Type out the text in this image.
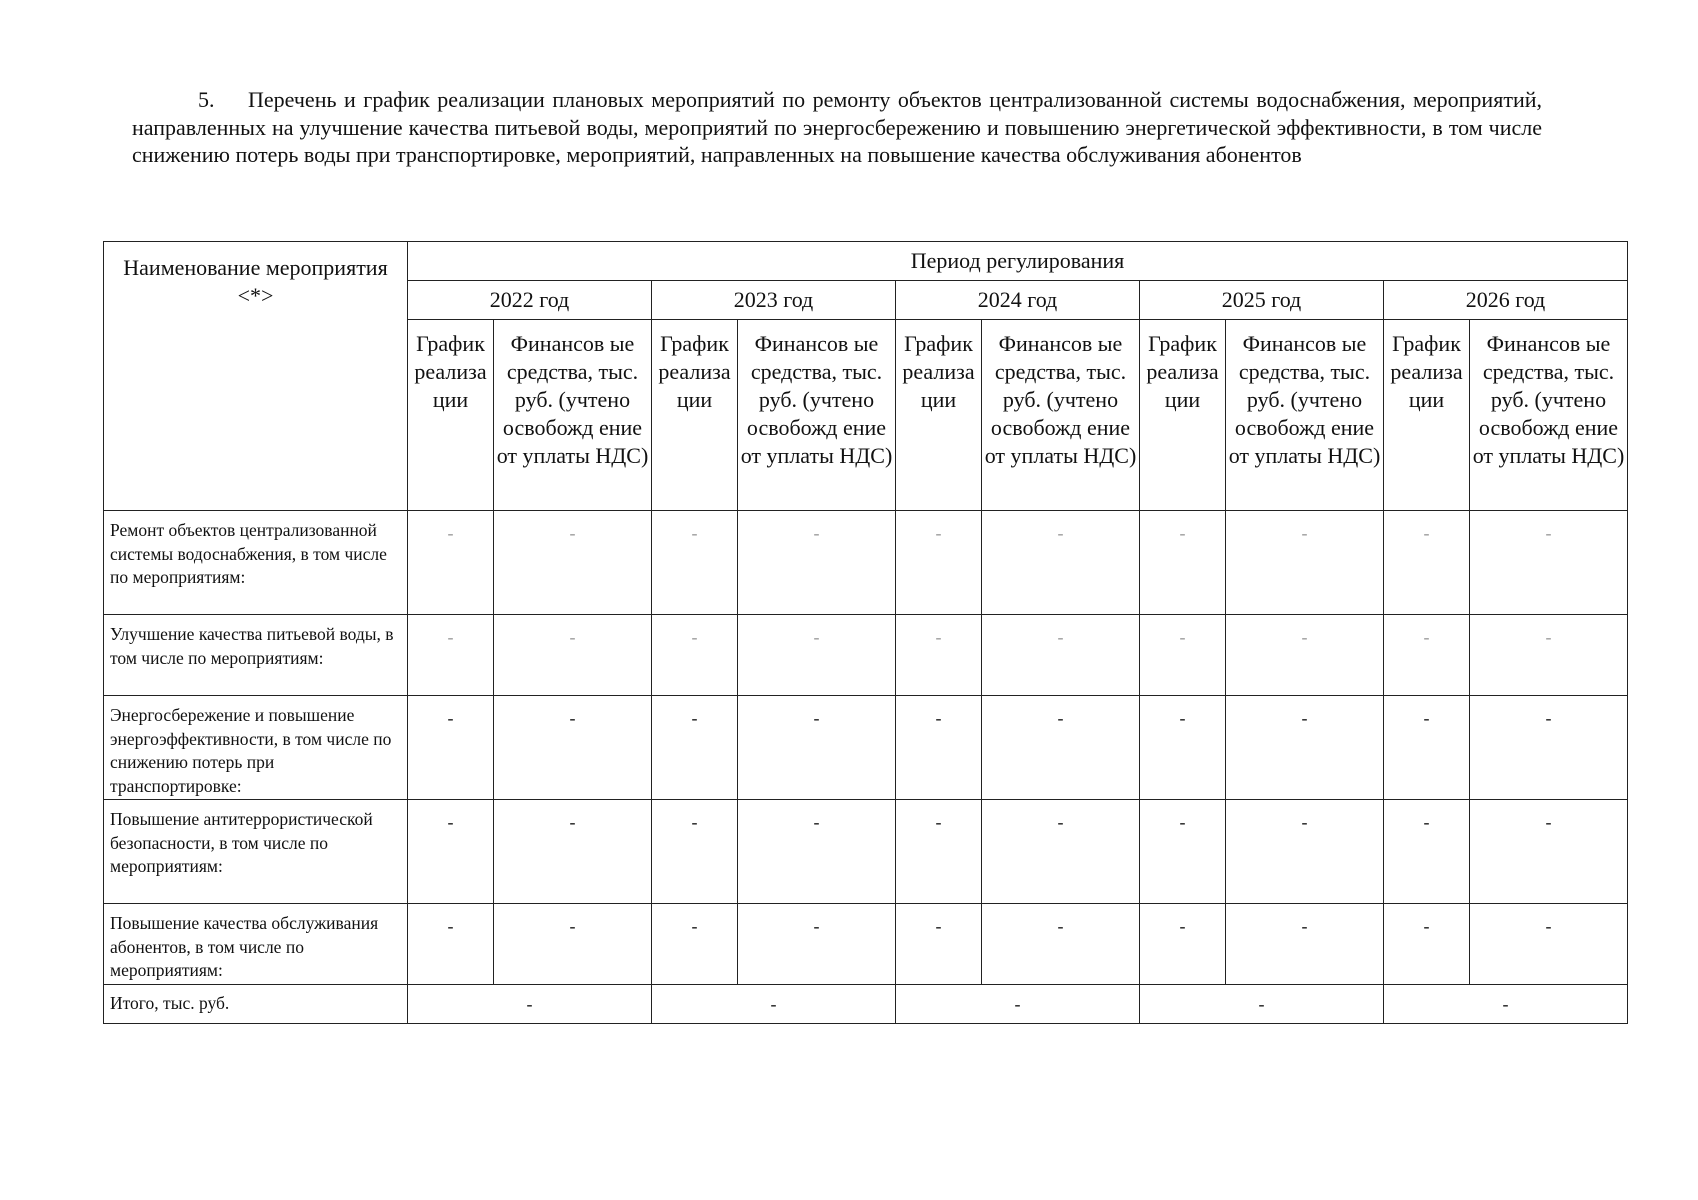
5. Перечень и график реализации плановых мероприятий по ремонту объектов централизованной системы водоснабжения, мероприятий, направленных на улучшение качества питьевой воды, мероприятий по энергосбережению и повышению энергетической эффективности, в том числе снижению потерь воды при транспортировке, мероприятий, направленных на повышение качества обслуживания абонентов
Наименование мероприятия <*>	Период регулирования									
	2022 год		2023 год		2024 год		2025 год		2026 год	
	График реализа ции	Финансов ые средства, тыс. руб. (учтено освобожд ение от уплаты НДС)	График реализа ции	Финансов ые средства, тыс. руб. (учтено освобожд ение от уплаты НДС)	График реализа ции	Финансов ые средства, тыс. руб. (учтено освобожд ение от уплаты НДС)	График реализа ции	Финансов ые средства, тыс. руб. (учтено освобожд ение от уплаты НДС)	График реализа ции	Финансов ые средства, тыс. руб. (учтено освобожд ение от уплаты НДС)
Ремонт объектов централизованной системы водоснабжения, в том числе по мероприятиям:	-	-	-	-	-	-	-	-	-	-
Улучшение качества питьевой воды, в том числе по мероприятиям:	-	-	-	-	-	-	-	-	-	-
Энергосбережение и повышение энергоэффективности, в том числе по снижению потерь при транспортировке:	-	-	-	-	-	-	-	-	-	-
Повышение антитеррористической безопасности, в том числе по мероприятиям:	-	-	-	-	-	-	-	-	-	-
Повышение качества обслуживания абонентов, в том числе по мероприятиям:	-	-	-	-	-	-	-	-	-	-
Итого, тыс. руб.	-		-		-		-		-	
